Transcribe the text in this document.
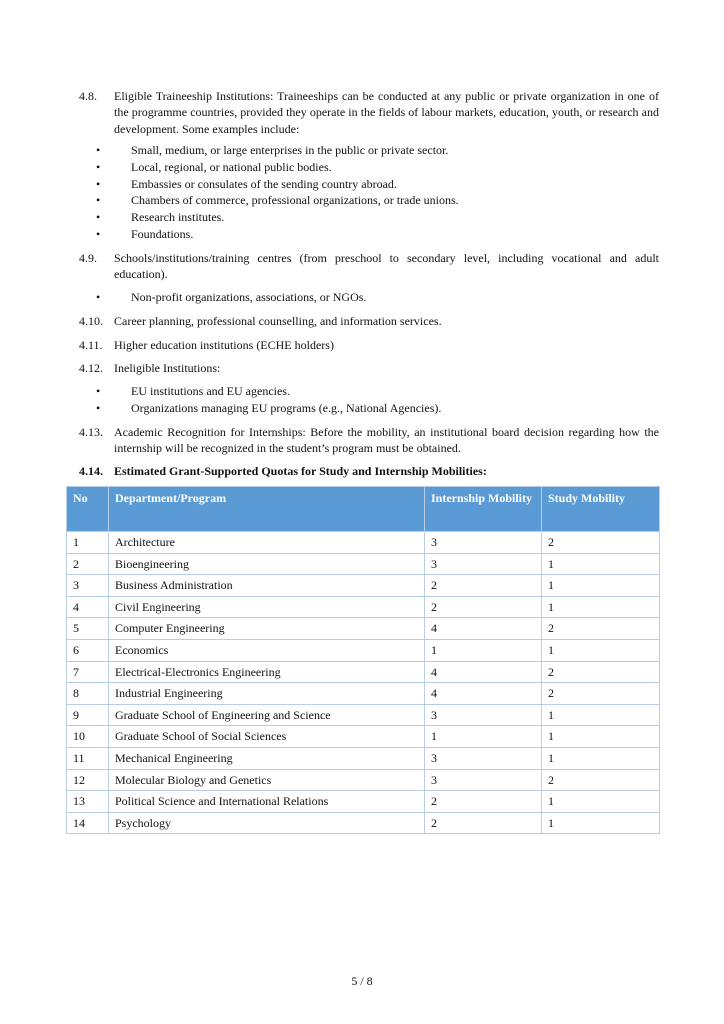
4.8.	Eligible Traineeship Institutions: Traineeships can be conducted at any public or private organization in one of the programme countries, provided they operate in the fields of labour markets, education, youth, or research and development. Some examples include:
•	Small, medium, or large enterprises in the public or private sector.
•	Local, regional, or national public bodies.
•	Embassies or consulates of the sending country abroad.
•	Chambers of commerce, professional organizations, or trade unions.
•	Research institutes.
•	Foundations.
4.9.	Schools/institutions/training centres (from preschool to secondary level, including vocational and adult education).
•	Non-profit organizations, associations, or NGOs.
4.10. Career planning, professional counselling, and information services.
4.11. Higher education institutions (ECHE holders)
4.12. Ineligible Institutions:
•	EU institutions and EU agencies.
•	Organizations managing EU programs (e.g., National Agencies).
4.13. Academic Recognition for Internships: Before the mobility, an institutional board decision regarding how the internship will be recognized in the student’s program must be obtained.
4.14. Estimated Grant-Supported Quotas for Study and Internship Mobilities:
No	Department/Program	Internship Mobility	Study Mobility
1	Architecture	3	2
2	Bioengineering	3	1
3	Business Administration	2	1
4	Civil Engineering	2	1
5	Computer Engineering	4	2
6	Economics	1	1
7	Electrical-Electronics Engineering	4	2
8	Industrial Engineering	4	2
9	Graduate School of Engineering and Science	3	1
10	Graduate School of Social Sciences	1	1
11	Mechanical Engineering	3	1
12	Molecular Biology and Genetics	3	2
13	Political Science and International Relations	2	1
14	Psychology	2	1
5 / 8
